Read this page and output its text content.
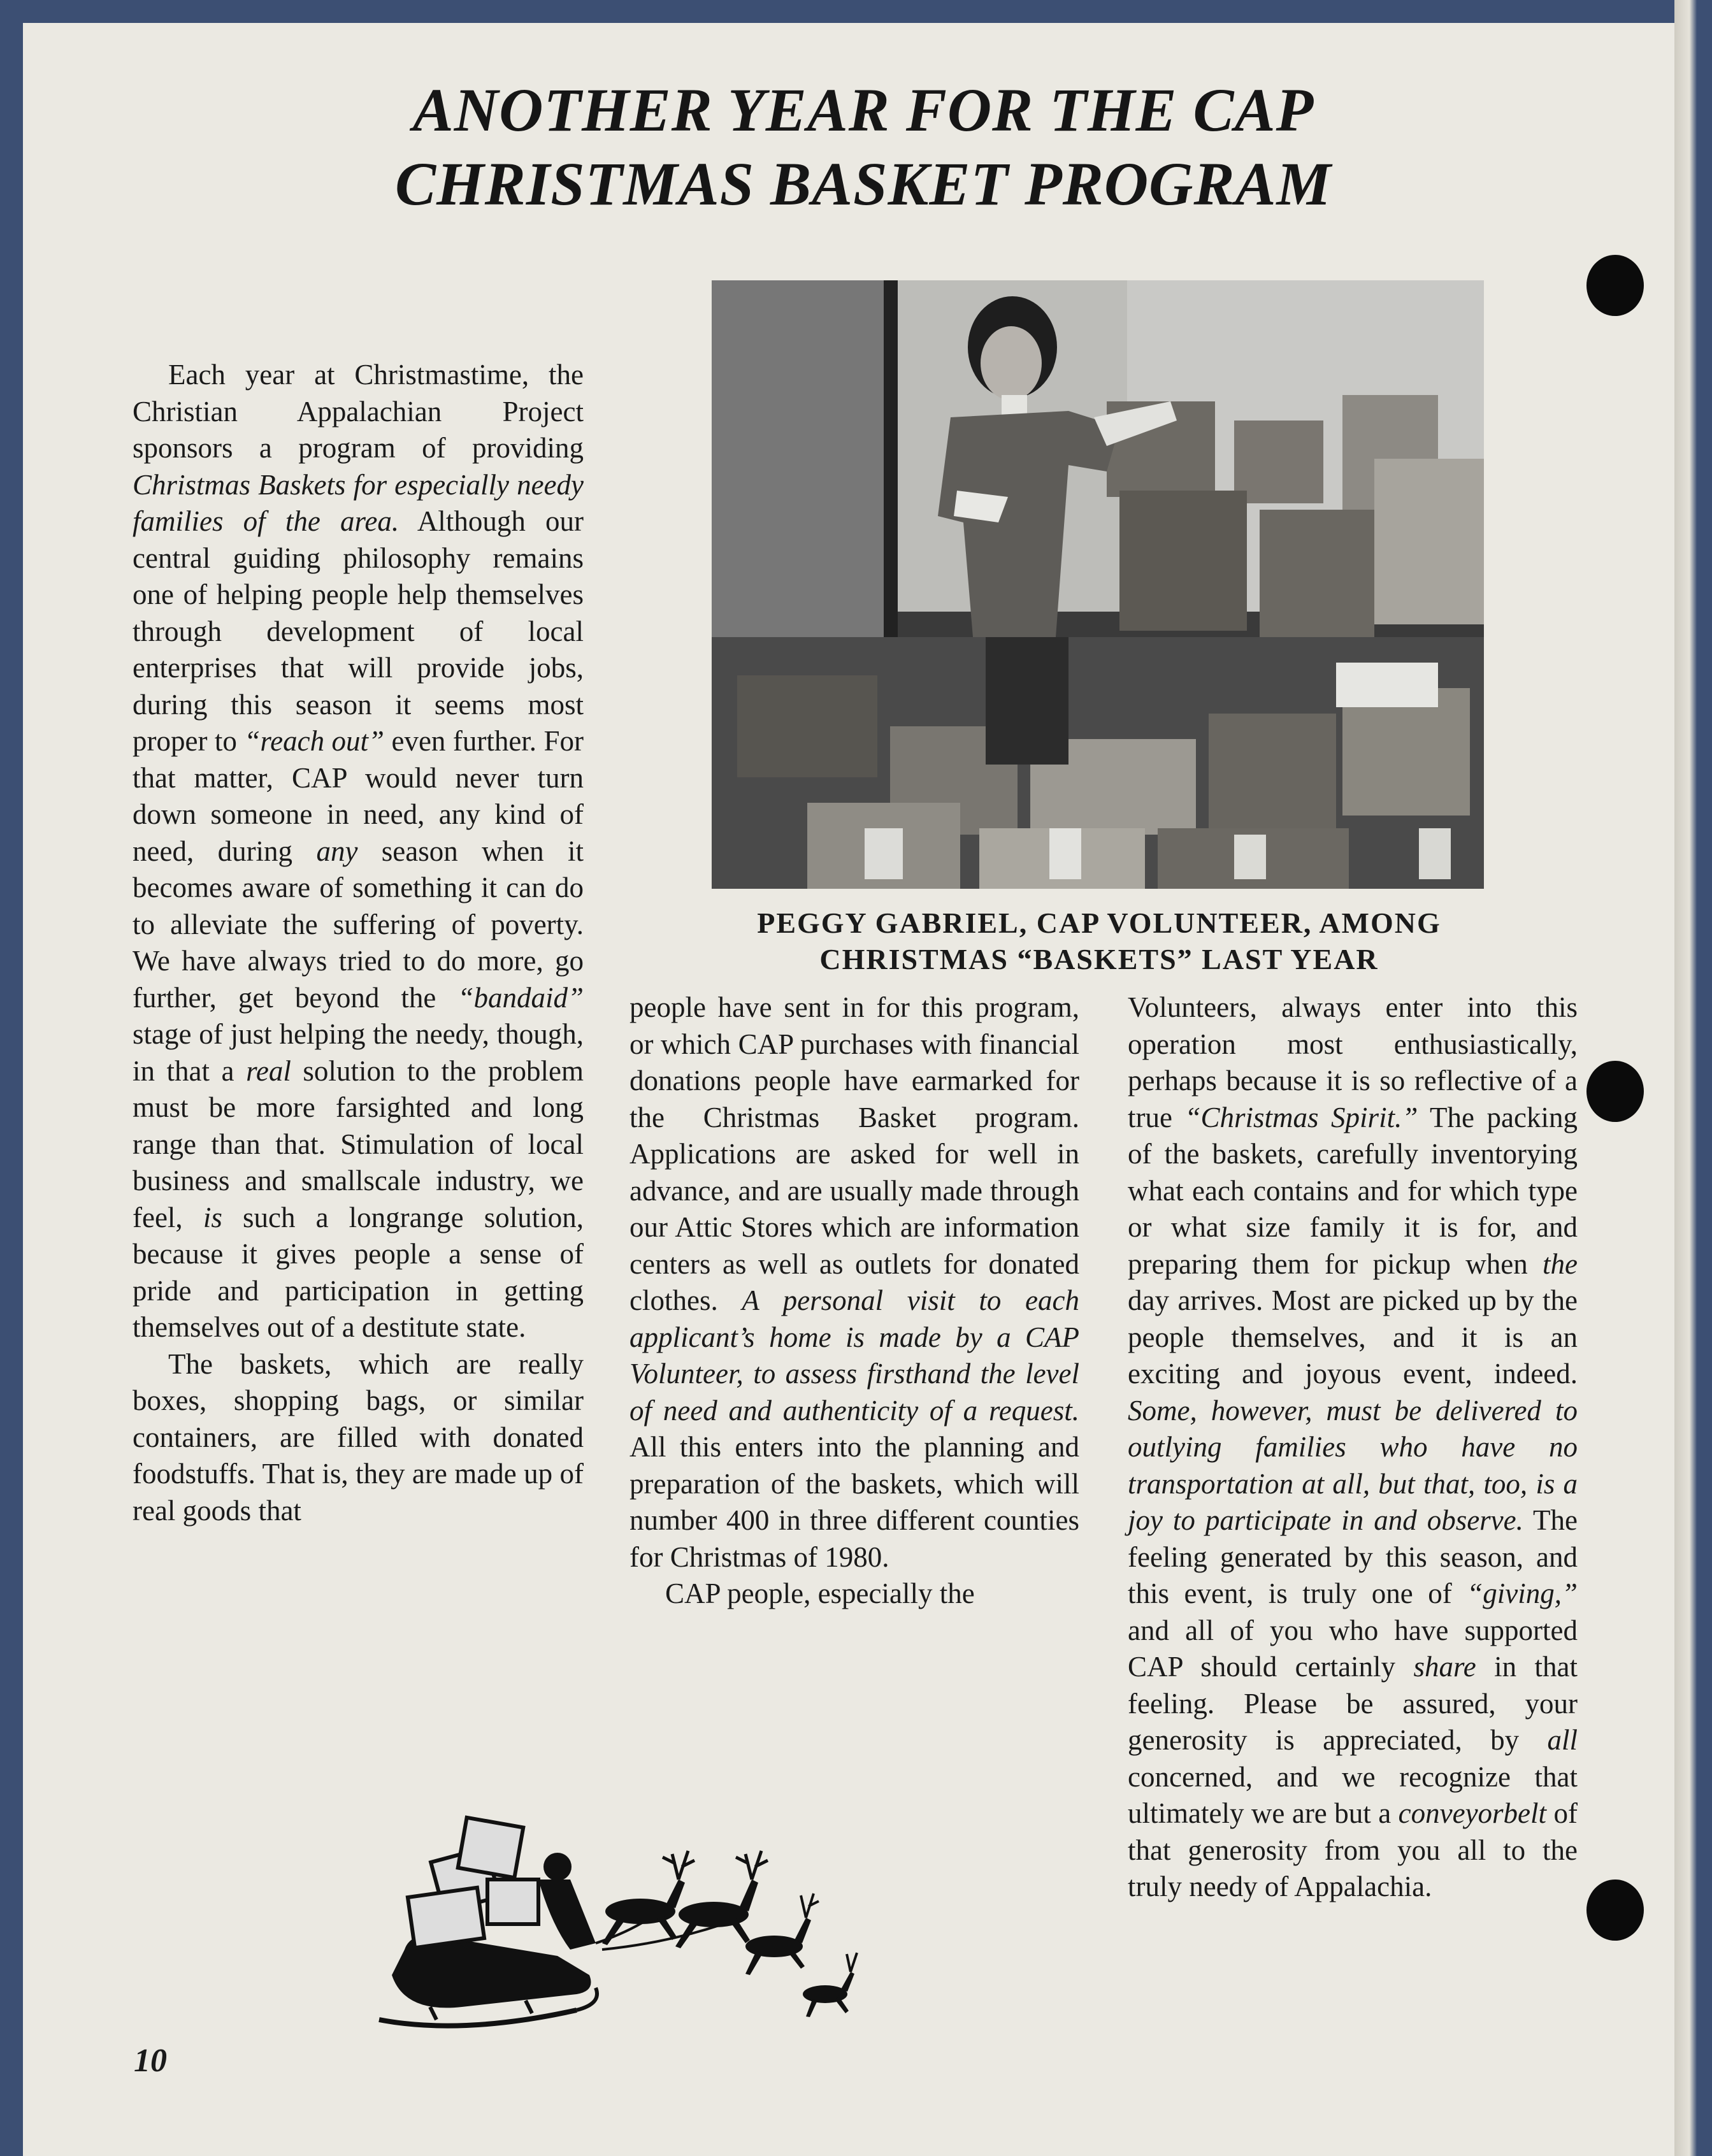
ANOTHER YEAR FOR THE CAP
CHRISTMAS BASKET PROGRAM
PEGGY GABRIEL, CAP VOLUNTEER, AMONG
CHRISTMAS “BASKETS” LAST YEAR

Each year at Christmastime, the Christian Appalachian Project sponsors a program of providing Christmas Baskets for especially needy families of the area. Although our central guiding philosophy remains one of helping people help themselves through development of local enterprises that will provide jobs, during this season it seems most proper to “reach out” even further. For that matter, CAP would never turn down someone in need, any kind of need, during any season when it becomes aware of something it can do to alleviate the suffering of poverty. We have always tried to do more, go further, get beyond the “bandaid” stage of just helping the needy, though, in that a real solution to the problem must be more farsighted and long range than that. Stimulation of local business and smallscale industry, we feel, is such a longrange solution, because it gives people a sense of pride and participation in getting themselves out of a destitute state.

The baskets, which are really boxes, shopping bags, or similar containers, are filled with donated foodstuffs. That is, they are made up of real goods that

people have sent in for this program, or which CAP purchases with financial donations people have earmarked for the Christmas Basket program. Applications are asked for well in advance, and are usually made through our Attic Stores which are information centers as well as outlets for donated clothes. A personal visit to each applicant’s home is made by a CAP Volunteer, to assess firsthand the level of need and authenticity of a request. All this enters into the planning and preparation of the baskets, which will number 400 in three different counties for Christmas of 1980.

CAP people, especially the

Volunteers, always enter into this operation most enthusiastically, perhaps because it is so reflective of a true “Christmas Spirit.” The packing of the baskets, carefully inventorying what each contains and for which type or what size family it is for, and preparing them for pickup when the day arrives. Most are picked up by the people themselves, and it is an exciting and joyous event, indeed. Some, however, must be delivered to outlying families who have no transportation at all, but that, too, is a joy to participate in and observe. The feeling generated by this season, and this event, is truly one of “giving,” and all of you who have supported CAP should certainly share in that feeling. Please be assured, your generosity is appreciated, by all concerned, and we recognize that ultimately we are but a conveyorbelt of that generosity from you all to the truly needy of Appalachia.

10
